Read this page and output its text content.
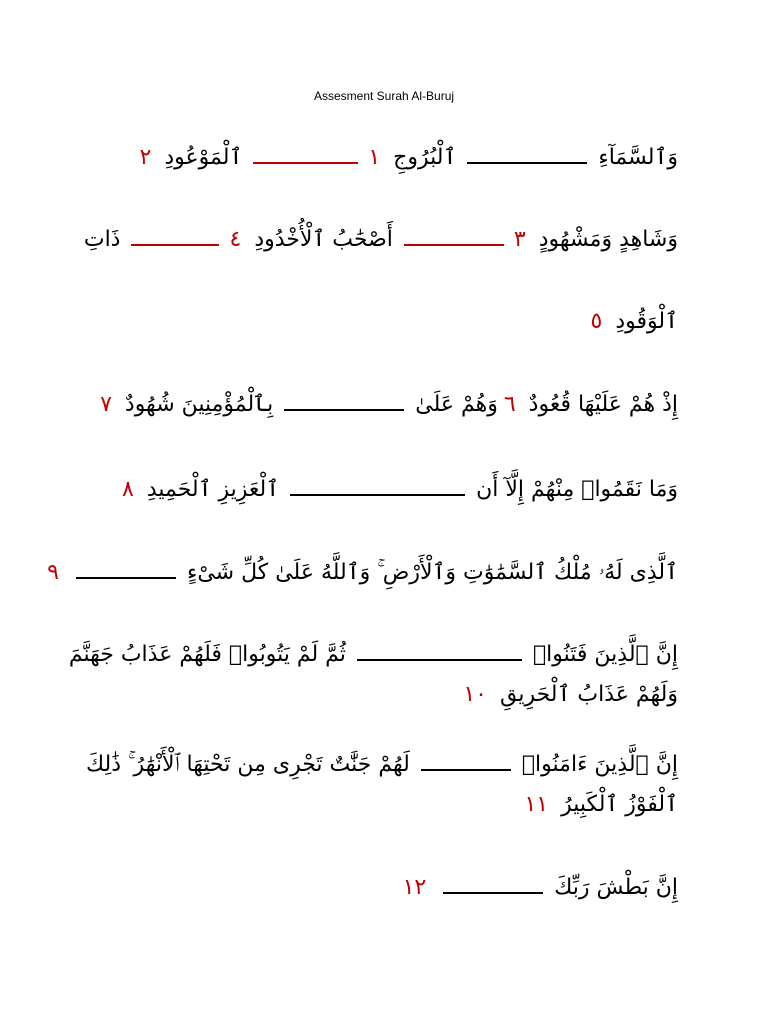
Assesment Surah Al-Buruj
وَٱلسَّمَآءِ  ٱلْبُرُوجِ ١ ٱلْمَوْعُودِ ٢
وَشَاهِدٍ وَمَشْهُودٍ ٣ أَصْحَٰبُ ٱلْأُخْدُودِ ٤ ذَاتِ
ٱلْوَقُودِ ٥
إِذْ هُمْ عَلَيْهَا قُعُودٌ ٦وَهُمْ عَلَىٰ  بِٱلْمُؤْمِنِينَ شُهُودٌ ٧
وَمَا نَقَمُوا۟ مِنْهُمْ إِلَّآ أَن  ٱلْعَزِيزِ ٱلْحَمِيدِ ٨
ٱلَّذِى لَهُۥ مُلْكُ ٱلسَّمَٰوَٰتِ وَٱلْأَرْضِ ۚ وَٱللَّهُ عَلَىٰ كُلِّ شَىْءٍ  ٩
إِنَّ ٱلَّذِينَ فَتَنُوا۟  ثُمَّ لَمْ يَتُوبُوا۟ فَلَهُمْ عَذَابُ جَهَنَّمَ
وَلَهُمْ عَذَابُ ٱلْحَرِيقِ ١٠
إِنَّ ٱلَّذِينَ ءَامَنُوا۟  لَهُمْ جَنَّٰتٌ تَجْرِى مِن تَحْتِهَا ٱلْأَنْهَٰرُ ۚ ذَٰلِكَ
ٱلْفَوْزُ ٱلْكَبِيرُ ١١
إِنَّ بَطْشَ رَبِّكَ  ١٢
